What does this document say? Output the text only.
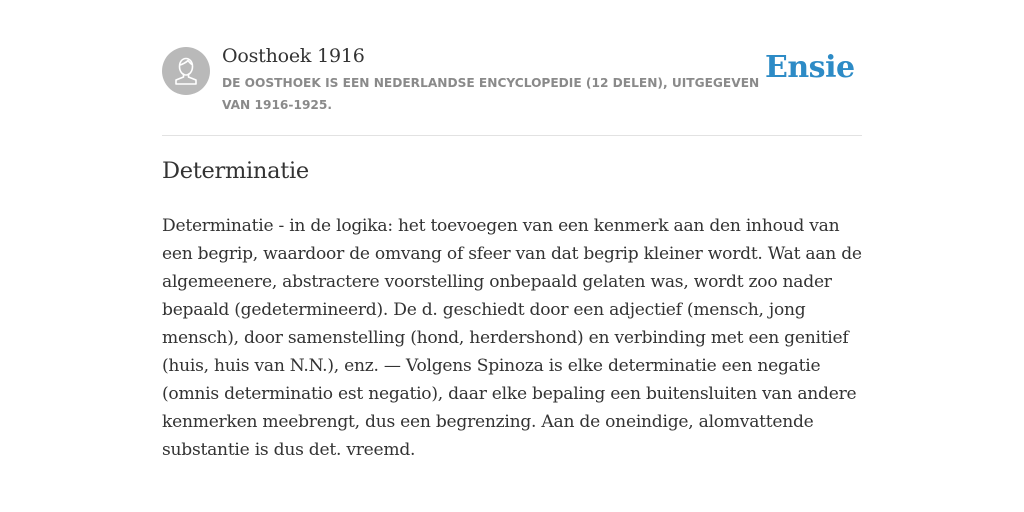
Oosthoek 1916
DE OOSTHOEK IS EEN NEDERLANDSE ENCYCLOPEDIE (12 DELEN), UITGEGEVEN VAN 1916-1925.
Ensie
Determinatie

Determinatie - in de logika: het toevoegen van een kenmerk aan den inhoud van een begrip, waardoor de omvang of sfeer van dat begrip kleiner wordt. Wat aan de algemeenere, abstractere voorstelling onbepaald gelaten was, wordt zoo nader bepaald (gedetermineerd). De d. geschiedt door een adjectief (mensch, jong mensch), door samenstelling (hond, herdershond) en verbinding met een genitief (huis, huis van N.N.), enz. — Volgens Spinoza is elke determinatie een negatie (omnis determinatio est negatio), daar elke bepaling een buitensluiten van andere kenmerken meebrengt, dus een begrenzing. Aan de oneindige, alomvattende substantie is dus det. vreemd.
